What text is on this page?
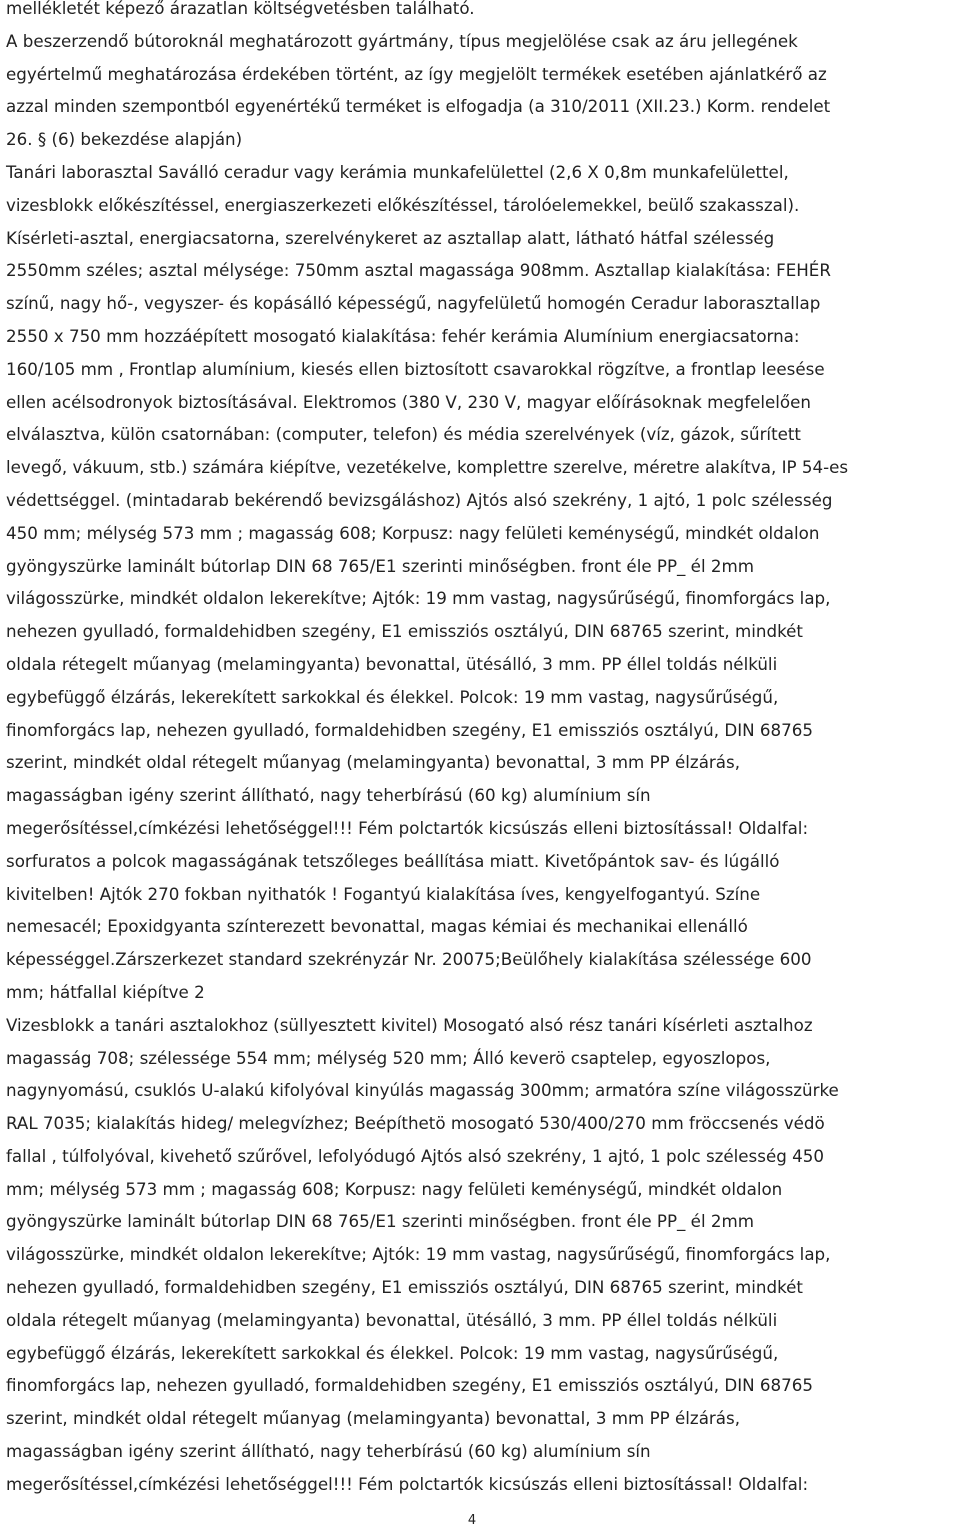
mellékletét képező árazatlan költségvetésben található.
A beszerzendő bútoroknál meghatározott gyártmány, típus megjelölése csak az áru jellegének
egyértelmű meghatározása érdekében történt, az így megjelölt termékek esetében ajánlatkérő az
azzal minden szempontból egyenértékű terméket is elfogadja (a 310/2011 (XII.23.) Korm. rendelet
26. § (6) bekezdése alapján)
Tanári laborasztal Saválló ceradur vagy kerámia munkafelülettel (2,6 X 0,8m munkafelülettel,
vizesblokk előkészítéssel, energiaszerkezeti előkészítéssel, tárolóelemekkel, beülő szakasszal).
Kísérleti-asztal, energiacsatorna, szerelvénykeret az asztallap alatt, látható hátfal szélesség
2550mm széles; asztal mélysége: 750mm asztal magassága 908mm. Asztallap kialakítása: FEHÉR
színű, nagy hő-, vegyszer- és kopásálló képességű, nagyfelületű homogén Ceradur laborasztallap
2550 x 750 mm hozzáépített mosogató kialakítása: fehér kerámia Alumínium energiacsatorna:
160/105 mm , Frontlap alumínium, kiesés ellen biztosított csavarokkal rögzítve, a frontlap leesése
ellen acélsodronyok biztosításával. Elektromos (380 V, 230 V, magyar előírásoknak megfelelően
elválasztva, külön csatornában: (computer, telefon) és média szerelvények (víz, gázok, sűrített
levegő, vákuum, stb.) számára kiépítve, vezetékelve, komplettre szerelve, méretre alakítva, IP 54-es
védettséggel. (mintadarab bekérendő bevizsgáláshoz) Ajtós alsó szekrény, 1 ajtó, 1 polc szélesség
450 mm; mélység 573 mm ; magasság 608; Korpusz: nagy felületi keménységű, mindkét oldalon
gyöngyszürke laminált bútorlap DIN 68 765/E1 szerinti minőségben. front éle PP_ él 2mm
világosszürke, mindkét oldalon lekerekítve; Ajtók: 19 mm vastag, nagysűrűségű, finomforgács lap,
nehezen gyulladó, formaldehidben szegény, E1 emissziós osztályú, DIN 68765 szerint, mindkét
oldala rétegelt műanyag (melamingyanta) bevonattal, ütésálló, 3 mm. PP éllel toldás nélküli
egybefüggő élzárás, lekerekített sarkokkal és élekkel. Polcok: 19 mm vastag, nagysűrűségű,
finomforgács lap, nehezen gyulladó, formaldehidben szegény, E1 emissziós osztályú, DIN 68765
szerint, mindkét oldal rétegelt műanyag (melamingyanta) bevonattal, 3 mm PP élzárás,
magasságban igény szerint állítható, nagy teherbírású (60 kg) alumínium sín
megerősítéssel,címkézési lehetőséggel!!! Fém polctartók kicsúszás elleni biztosítással! Oldalfal:
sorfuratos a polcok magasságának tetszőleges beállítása miatt. Kivetőpántok sav- és lúgálló
kivitelben! Ajtók 270 fokban nyithatók ! Fogantyú kialakítása íves, kengyelfogantyú. Színe
nemesacél; Epoxidgyanta színterezett bevonattal, magas kémiai és mechanikai ellenálló
képességgel.Zárszerkezet standard szekrényzár Nr. 20075;Beülőhely kialakítása szélessége 600
mm; hátfallal kiépítve 2
Vizesblokk a tanári asztalokhoz (süllyesztett kivitel) Mosogató alsó rész tanári kísérleti asztalhoz
magasság 708; szélessége 554 mm; mélység 520 mm; Álló keverö csaptelep, egyoszlopos,
nagynyomású, csuklós U-alakú kifolyóval kinyúlás magasság 300mm; armatóra színe világosszürke
RAL 7035; kialakítás hideg/ melegvízhez; Beépíthetö mosogató 530/400/270 mm fröccsenés védö
fallal , túlfolyóval, kivehető szűrővel, lefolyódugó Ajtós alsó szekrény, 1 ajtó, 1 polc szélesség 450
mm; mélység 573 mm ; magasság 608; Korpusz: nagy felületi keménységű, mindkét oldalon
gyöngyszürke laminált bútorlap DIN 68 765/E1 szerinti minőségben. front éle PP_ él 2mm
világosszürke, mindkét oldalon lekerekítve; Ajtók: 19 mm vastag, nagysűrűségű, finomforgács lap,
nehezen gyulladó, formaldehidben szegény, E1 emissziós osztályú, DIN 68765 szerint, mindkét
oldala rétegelt műanyag (melamingyanta) bevonattal, ütésálló, 3 mm. PP éllel toldás nélküli
egybefüggő élzárás, lekerekített sarkokkal és élekkel. Polcok: 19 mm vastag, nagysűrűségű,
finomforgács lap, nehezen gyulladó, formaldehidben szegény, E1 emissziós osztályú, DIN 68765
szerint, mindkét oldal rétegelt műanyag (melamingyanta) bevonattal, 3 mm PP élzárás,
magasságban igény szerint állítható, nagy teherbírású (60 kg) alumínium sín
megerősítéssel,címkézési lehetőséggel!!! Fém polctartók kicsúszás elleni biztosítással! Oldalfal:
4
